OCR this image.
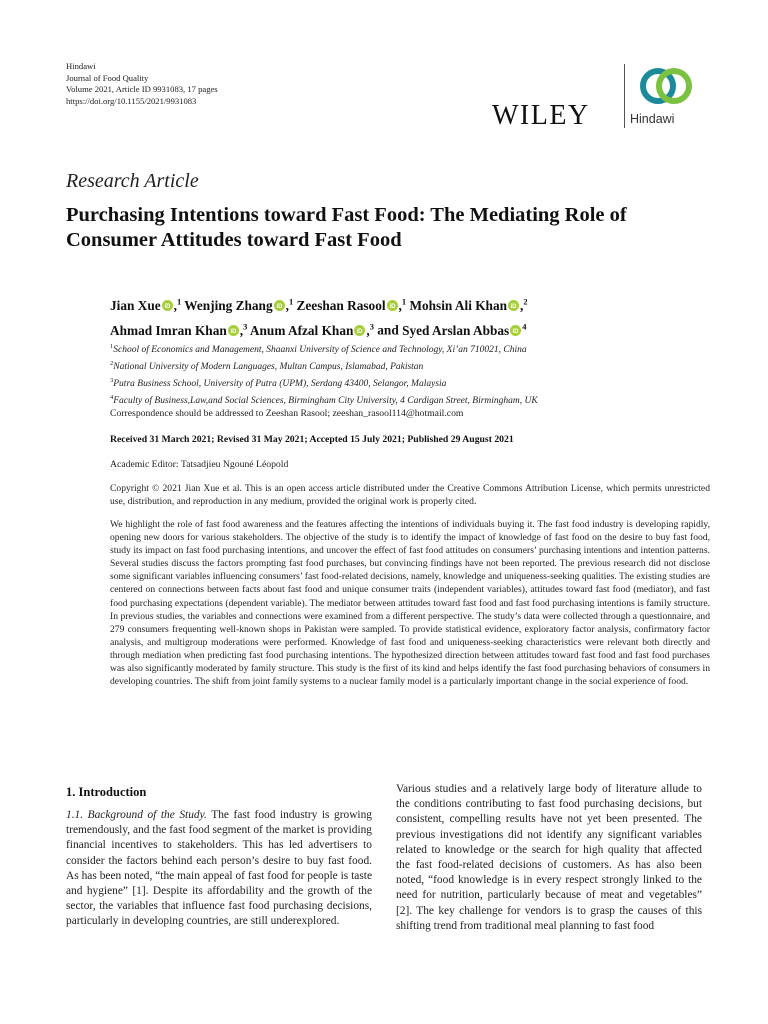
Hindawi
Journal of Food Quality
Volume 2021, Article ID 9931083, 17 pages
https://doi.org/10.1155/2021/9931083	WILEY	Hindawi
Research Article
Purchasing Intentions toward Fast Food: The Mediating Role of Consumer Attitudes toward Fast Food
Jian Xue iD ,$^1$ Wenjing Zhang iD ,$^1$ Zeeshan Rasool iD ,$^1$ Mohsin Ali Khan iD ,$^2$
Ahmad Imran Khan iD ,$^3$ Anum Afzal Khan iD ,$^3$ and Syed Arslan Abbas iD
$^4$
$^1$School of Economics and Management, Shaanxi University of Science and Technology, Xi’an 710021, China
$^2$National University of Modern Languages, Multan Campus, Islamabad, Pakistan
$^3$Putra Business School, University of Putra (UPM), Serdang 43400, Selangor, Malaysia
$^4$Faculty of Business,Law,and Social Sciences, Birmingham City University, 4 Cardigan Street, Birmingham, UK
Correspondence should be addressed to Zeeshan Rasool; zeeshan_rasool114@hotmail.com
Received 31 March 2021; Revised 31 May 2021; Accepted 15 July 2021; Published 29 August 2021
Academic Editor: Tatsadjieu Ngouné Léopold
Copyright © 2021 Jian Xue et al. This is an open access article distributed under the Creative Commons Attribution License, which permits unrestricted use, distribution, and reproduction in any medium, provided the original work is properly cited.
We highlight the role of fast food awareness and the features affecting the intentions of individuals buying it. The fast food industry is developing rapidly, opening new doors for various stakeholders. The objective of the study is to identify the impact of knowledge of fast food on the desire to buy fast food, study its impact on fast food purchasing intentions, and uncover the effect of fast food attitudes on consumers’ purchasing intentions and intention patterns. Several studies discuss the factors prompting fast food purchases, but convincing findings have not been reported. The previous research did not disclose some significant variables influencing consumers’ fast food-related decisions, namely, knowledge and uniqueness-seeking qualities. The existing studies are centered on connections between facts about fast food and unique consumer traits (independent variables), attitudes toward fast food (mediator), and fast food purchasing expectations (dependent variable). The mediator between attitudes toward fast food and fast food purchasing intentions is family structure. In previous studies, the variables and connections were examined from a different perspective. The study’s data were collected through a questionnaire, and 279 consumers frequenting well-known shops in Pakistan were sampled. To provide statistical evidence, exploratory factor analysis, confirmatory factor analysis, and multigroup moderations were performed. Knowledge of fast food and uniqueness-seeking characteristics were relevant both directly and through mediation when predicting fast food purchasing intentions. The hypothesized direction between attitudes toward fast food and fast food purchases was also significantly moderated by family structure. This study is the first of its kind and helps identify the fast food purchasing behaviors of consumers in developing countries. The shift from joint family systems to a nuclear family model is a particularly important change in the social experience of food.
1. Introduction
1.1. Background of the Study. The fast food industry is growing tremendously, and the fast food segment of the market is providing financial incentives to stakeholders. This has led advertisers to consider the factors behind each person’s desire to buy fast food. As has been noted, “the main appeal of fast food for people is taste and hygiene” [1]. Despite its affordability and the growth of the sector, the variables that influence fast food purchasing decisions, particularly in developing countries, are still underexplored.
Various studies and a relatively large body of literature allude to the conditions contributing to fast food purchasing decisions, but consistent, compelling results have not yet been presented. The previous investigations did not identify any significant variables related to knowledge or the search for high quality that affected the fast food-related decisions of customers. As has also been noted, “food knowledge is in every respect strongly linked to the need for nutrition, particularly because of meat and vegetables” [2]. The key challenge for vendors is to grasp the causes of this shifting trend from traditional meal planning to fast food
